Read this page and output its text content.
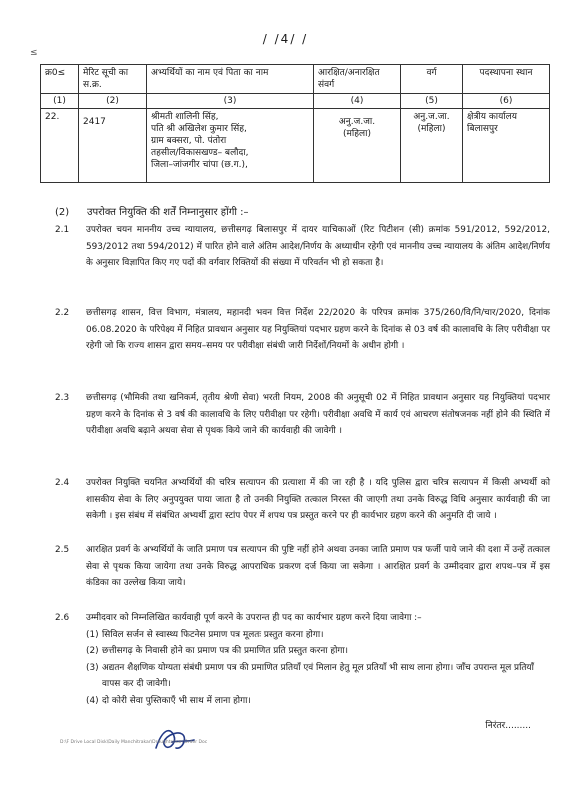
/ /4/ /
≤
क्र0≤	मेरिट सूची का स.क्र.	अभ्यर्थियों का नाम एवं पिता का नाम	आरक्षित/अनारक्षित संवर्ग	वर्ग	पदस्थापना स्थान
(1)	(2)	(3)	(4)	(5)	(6)
22.	2417	श्रीमती शालिनी सिंह,
पति श्री अखिलेश कुमार सिंह,
ग्राम बक्सरा, पो. पंतोरा
तहसील/विकासखण्ड– बलौदा,
जिला–जांजगीर चांपा (छ.ग.),	अनु.ज.जा.
(महिला)	अनु.ज.जा.
(महिला)	क्षेत्रीय कार्यालय बिलासपुर
(2) उपरोक्त नियुक्ति की शर्तें निम्नानुसार होंगी :–
2.1	उपरोक्त चयन माननीय उच्च न्यायालय, छत्तीसगढ़ बिलासपुर में दायर याचिकाओं (रिट पिटीशन (सी) क्रमांक 591/2012, 592/2012, 593/2012 तथा 594/2012) में पारित होने वाले अंतिम आदेश/निर्णय के अध्याधीन रहेगी एवं माननीय उच्च न्यायालय के अंतिम आदेश/निर्णय के अनुसार विज्ञापित किए गए पदों की वर्गवार रिक्तियों की संख्या में परिवर्तन भी हो सकता है।
2.2	छत्तीसगढ़ शासन, वित्त विभाग, मंत्रालय, महानदी भवन वित्त निर्देश 22/2020 के परिपत्र क्रमांक 375/260/वि/नि/चार/2020, दिनांक 06.08.2020 के परिपेक्ष्य में निहित प्रावधान अनुसार यह नियुक्तियां पदभार ग्रहण करने के दिनांक से 03 वर्ष की कालावधि के लिए परीवीक्षा पर रहेगी जो कि राज्य शासन द्वारा समय–समय पर परीवीक्षा संबंधी जारी निर्देशों/नियमों के अधीन होगी ।
2.3	छत्तीसगढ़ (भौमिकी तथा खनिकर्म, तृतीय श्रेणी सेवा) भरती नियम, 2008 की अनुसूची 02 में निहित प्रावधान अनुसार यह नियुक्तियां पदभार ग्रहण करने के दिनांक से 3 वर्ष की कालावधि के लिए परीवीक्षा पर रहेगी। परीवीक्षा अवधि में कार्य एवं आचरण संतोषजनक नहीं होने की स्थिति में परीवीक्षा अवधि बढ़ाने अथवा सेवा से पृथक किये जाने की कार्यवाही की जावेगी ।
2.4	उपरोक्त नियुक्ति चयनित अभ्यर्थियों की चरित्र सत्यापन की प्रत्याशा में की जा रही है । यदि पुलिस द्वारा चरित्र सत्यापन में किसी अभ्यर्थी को शासकीय सेवा के लिए अनुपयुक्त पाया जाता है तो उनकी नियुक्ति तत्काल निरस्त की जाएगी तथा उनके विरुद्ध विधि अनुसार कार्यवाही की जा सकेगी । इस संबंध में संबंधित अभ्यर्थी द्वारा स्टांप पेपर में शपथ पत्र प्रस्तुत करने पर ही कार्यभार ग्रहण करने की अनुमति दी जाये ।
2.5	आरक्षित प्रवर्ग के अभ्यर्थियों के जाति प्रमाण पत्र सत्यापन की पुष्टि नहीं होने अथवा उनका जाति प्रमाण पत्र फर्जी पाये जाने की दशा में उन्हें तत्काल सेवा से पृथक किया जायेगा तथा उनके विरुद्ध आपराधिक प्रकरण दर्ज किया जा सकेगा । आरक्षित प्रवर्ग के उम्मीदवार द्वारा शपथ–पत्र में इस कंडिका का उल्लेख किया जाये।
2.6	उम्मीदवार को निम्नलिखित कार्यवाही पूर्ण करने के उपरान्त ही पद का कार्यभार ग्रहण करने दिया जावेगा :–
(1) सिविल सर्जन से स्वास्थ्य फिटनेस प्रमाण पत्र मूलतः प्रस्तुत करना होगा।
(2) छत्तीसगढ़ के निवासी होने का प्रमाण पत्र की प्रमाणित प्रति प्रस्तुत करना होगा।
(3) अद्यतन शैक्षणिक योग्यता संबंधी प्रमाण पत्र की प्रमाणित प्रतियाँ एवं मिलान हेतु मूल प्रतियाँ भी साथ लाना होगा। जाँच उपरान्त मूल प्रतियाँ वापस कर दी जावेगी।
(4) दो कोरी सेवा पुस्तिकाएँ भी साथ में लाना होगा।
निरंतर.........
D:\F Drive Local Disk\Daily Manchitrakar\Draughtsman Order Doc
